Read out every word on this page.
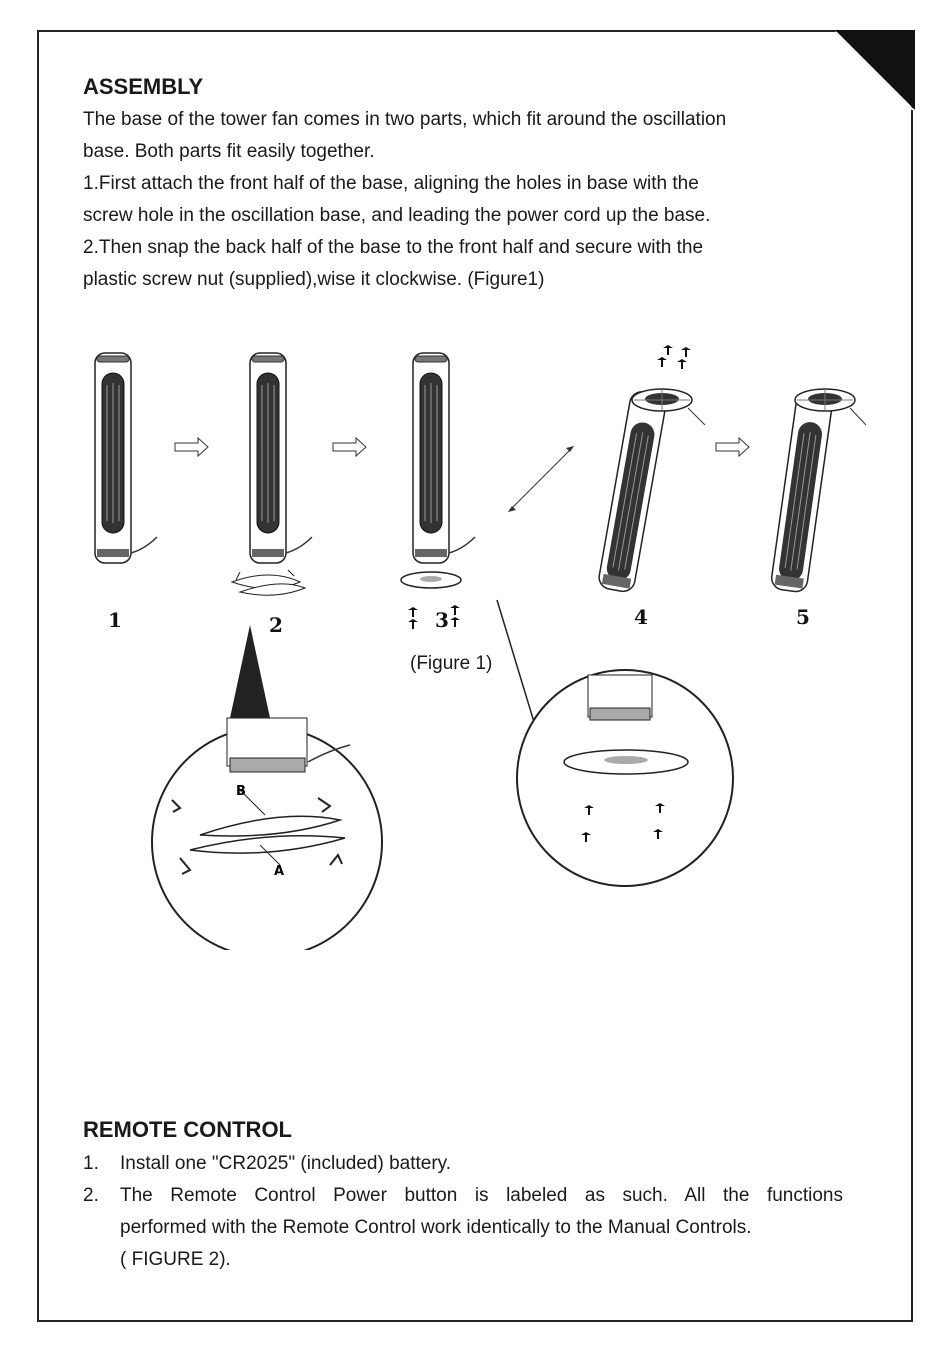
ASSEMBLY

The base of the tower fan comes in two parts, which fit around the oscillation
base. Both parts fit easily together.
1.First attach the front half of the base, aligning the holes in base with the
screw hole in the oscillation base, and leading the power cord up the base.
2.Then snap the back half of the base to the front half and secure with the
plastic screw nut (supplied),wise it clockwise. (Figure1)

1	2	3	4	5
B
A
(Figure 1)
REMOTE CONTROL
1. Install one "CR2025" (included) battery.
2. The Remote Control Power button is labeled as such. All the functions
performed with the Remote Control work identically to the Manual Controls.
( FIGURE 2).
